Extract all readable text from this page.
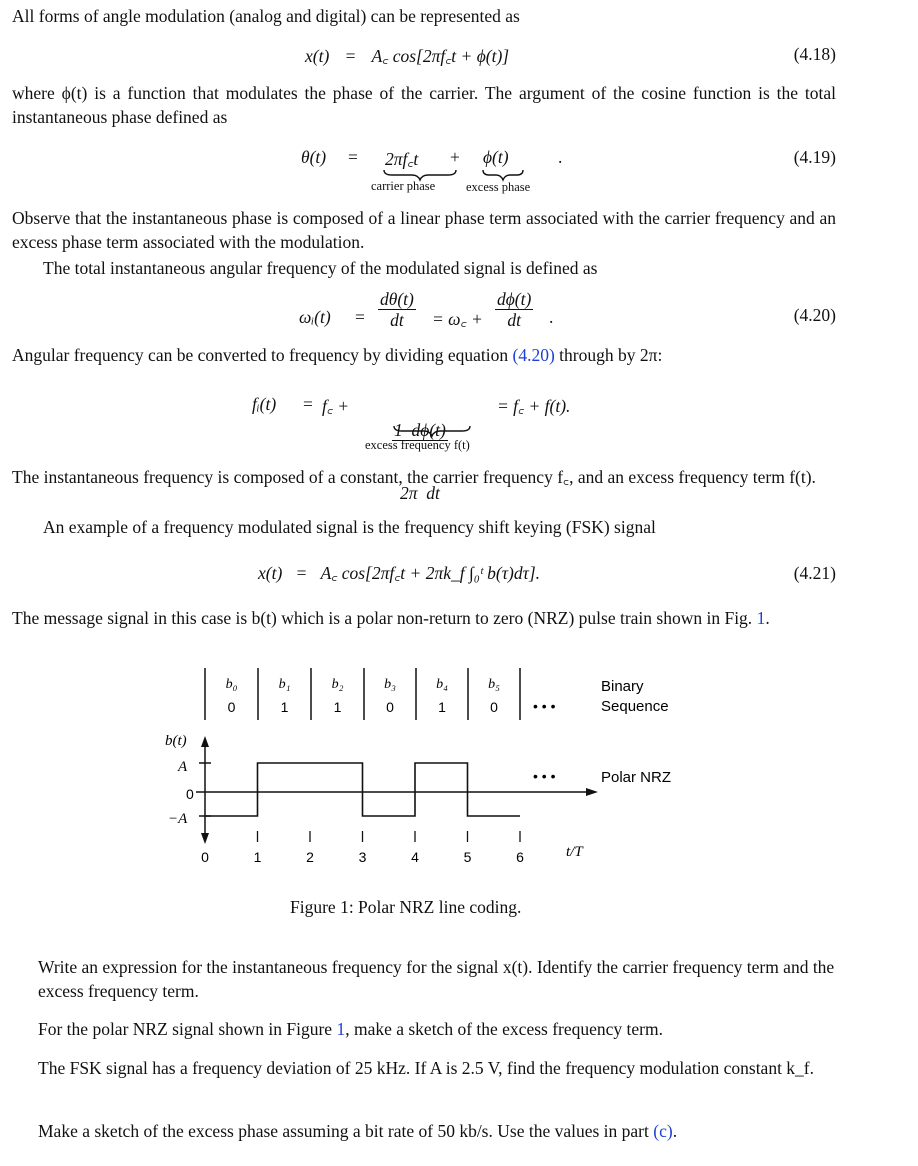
All forms of angle modulation (analog and digital) can be represented as
x(t) = A꜀ cos[2πf꜀t + ϕ(t)]	(4.18)
where ϕ(t) is a function that modulates the phase of the carrier. The argument of the cosine function is the total instantaneous phase defined as
θ(t) = 2πf꜀t + ϕ(t)	.
carrier phase excess phase
(4.19)
Observe that the instantaneous phase is composed of a linear phase term associated with the carrier frequency and an excess phase term associated with the modulation.
The total instantaneous angular frequency of the modulated signal is defined as
ωᵢ(t) = $\frac{d\theta(t)}{dt}$ = ω꜀ + $\frac{d\phi(t)}{dt}$ .	(4.20)
Angular frequency can be converted to frequency by dividing equation (4.20) through by 2π:
fᵢ(t) = f꜀ +

$\frac{1 d\phi(t)}{\text{2π  dt}}$

	= f꜀ + f(t).
excess frequency f(t)
The instantaneous frequency is composed of a constant, the carrier frequency f꜀, and an excess frequency term f(t).
An example of a frequency modulated signal is the frequency shift keying (FSK) signal
x(t) = A꜀ cos[2πf꜀t + 2πk_f ∫₀ᵗ b(τ)dτ].	(4.21)
The message signal in this case is b(t) which is a polar non-return to zero (NRZ) pulse train shown in Fig. 1.
b₀	b₁	b₂	b₃	b₄	b₅
0	1	1	0	1	0	• • •
Binary
Sequence
b(t)
A
0
−A
• • •	Polar NRZ
0	1	2	3	4	5	6	t/T
Figure 1: Polar NRZ line coding.
Write an expression for the instantaneous frequency for the signal x(t). Identify the carrier frequency term and the excess frequency term.
For the polar NRZ signal shown in Figure 1, make a sketch of the excess frequency term.
The FSK signal has a frequency deviation of 25 kHz. If A is 2.5 V, find the frequency modulation constant k_f.
Make a sketch of the excess phase assuming a bit rate of 50 kb/s. Use the values in part (c).
